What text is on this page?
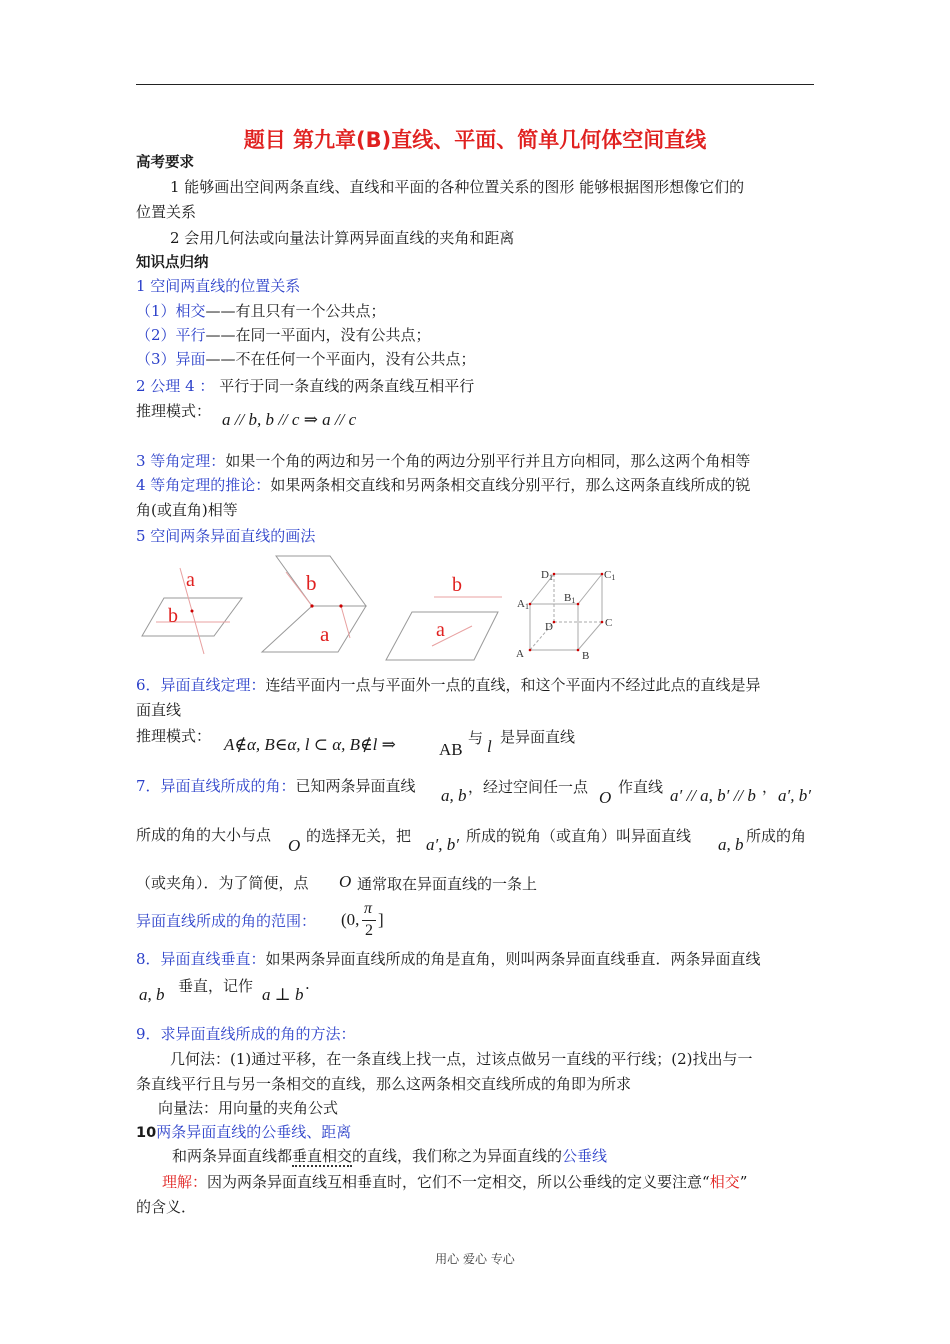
题目 第九章(B)直线、平面、简单几何体空间直线
高考要求
1 能够画出空间两条直线、直线和平面的各种位置关系的图形 能够根据图形想像它们的
位置关系
2 会用几何法或向量法计算两异面直线的夹角和距离
知识点归纳
1 空间两直线的位置关系
（1）相交——有且只有一个公共点；
（2）平行——在同一平面内，没有公共点；
（3）异面——不在任何一个平面内，没有公共点；
2 公理 4 ： 平行于同一条直线的两条直线互相平行
推理模式： a // b, b // c ⇒ a // c
3 等角定理：如果一个角的两边和另一个角的两边分别平行并且方向相同，那么这两个角相等
4 等角定理的推论：如果两条相交直线和另两条相交直线分别平行，那么这两条直线所成的锐
角(或直角)相等
5 空间两条异面直线的画法
a
b
b
a
b
a
A	B
C
D
A1
B1
C1
D1
6．异面直线定理：连结平面内一点与平面外一点的直线，和这个平面内不经过此点的直线是异
面直线
推理模式： A∉α, B∈α, l ⊂ α, B∉l ⇒	AB
与 l 是异面直线
7．异面直线所成的角：已知两条异面直线 a, b ，经过空间任一点
O
作直线 a′ // a, b′ // b ， a′, b′
所成的角的大小与点
O 的选择无关，把 a′, b′ 所成的锐角（或直角）叫异面直线 a, b 所成的角
（或夹角）．为了简便，点 O 通常取在异面直线的一条上
异面直线所成的角的范围： (0,
π
2
]
8．异面直线垂直：如果两条异面直线所成的角是直角，则叫两条异面直线垂直．两条异面直线
a, b 垂直，记作 a ⊥ b
.
9．求异面直线所成的角的方法：
几何法：(1)通过平移，在一条直线上找一点，过该点做另一直线的平行线；(2)找出与一
条直线平行且与另一条相交的直线，那么这两条相交直线所成的角即为所求
向量法：用向量的夹角公式
10两条异面直线的公垂线、距离
和两条异面直线都垂直相交的直线，我们称之为异面直线的公垂线
理解：因为两条异面直线互相垂直时，它们不一定相交，所以公垂线的定义要注意“相交”
的含义．
用心 爱心 专心
